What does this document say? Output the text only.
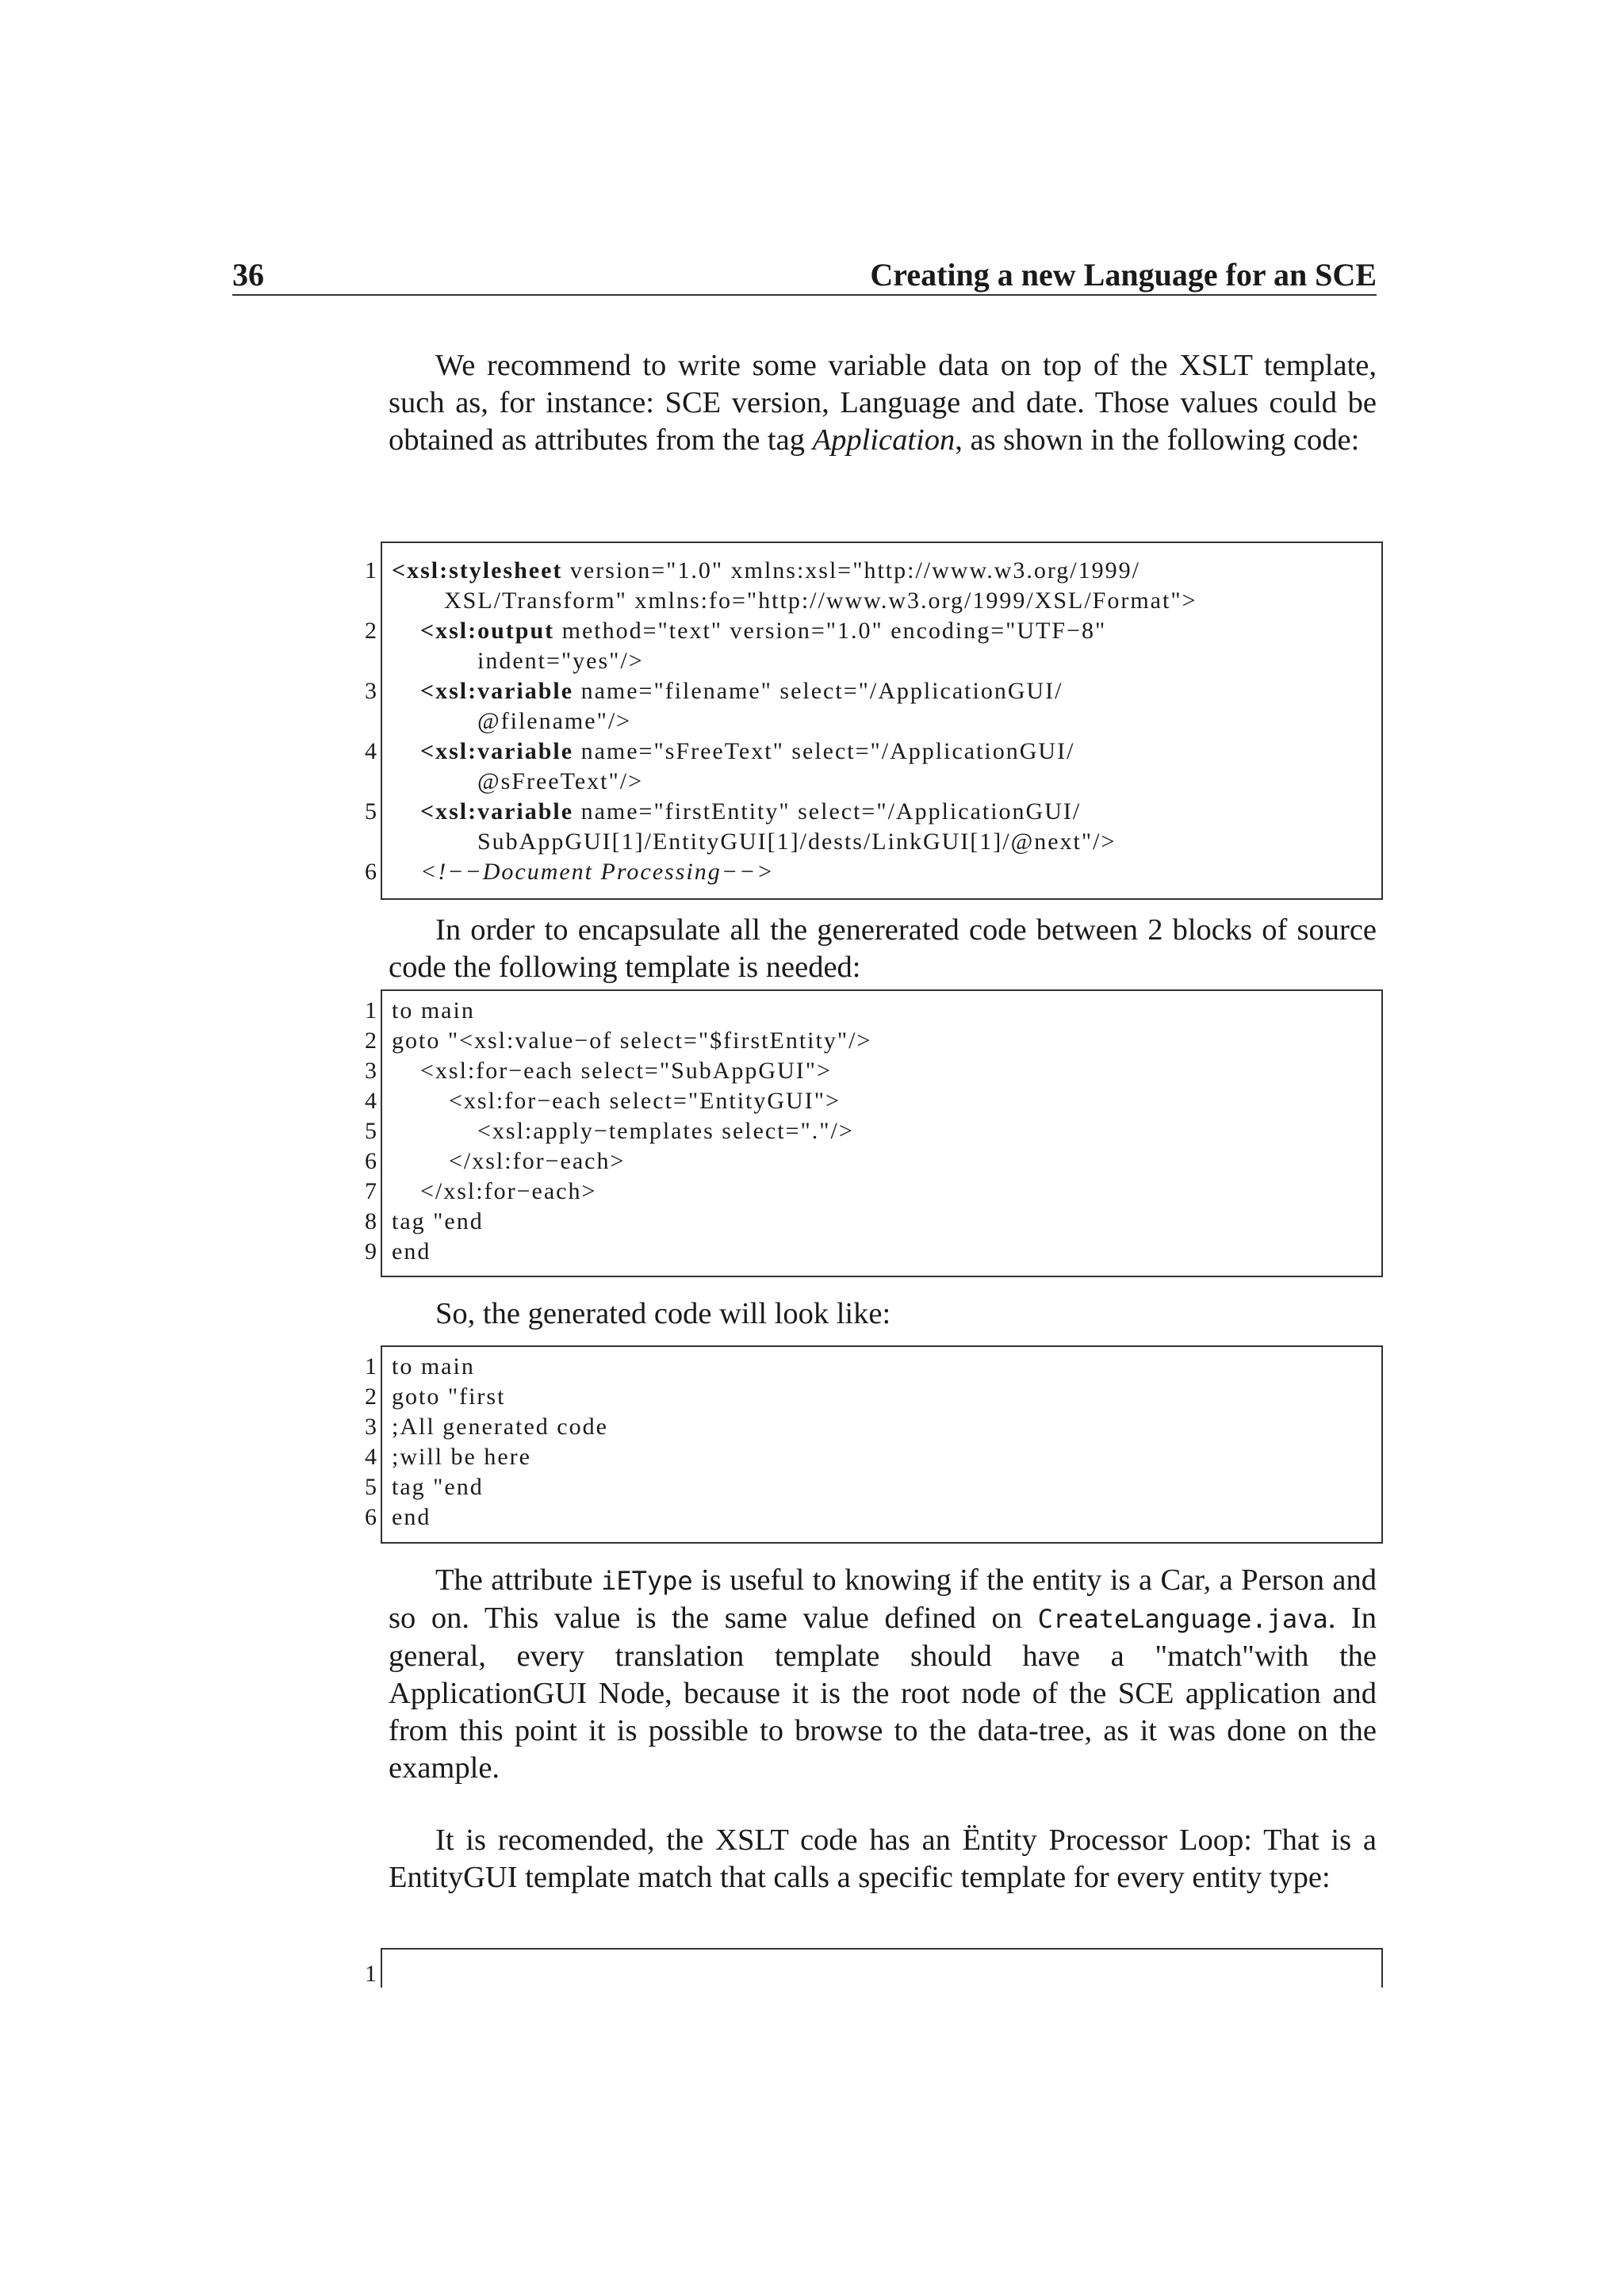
36	Creating a new Language for an SCE

We recommend to write some variable data on top of the XSLT template, such as, for instance: SCE version, Language and date. Those values could be obtained as attributes from the tag Application, as shown in the following code:

1
2
3
4
5
6
<xsl:stylesheet version="1.0" xmlns:xsl="http://www.w3.org/1999/
XSL/Transform" xmlns:fo="http://www.w3.org/1999/XSL/Format">
<xsl:output method="text" version="1.0" encoding="UTF−8"
indent="yes"/>
<xsl:variable name="filename" select="/ApplicationGUI/
@filename"/>
<xsl:variable name="sFreeText" select="/ApplicationGUI/
@sFreeText"/>
<xsl:variable name="firstEntity" select="/ApplicationGUI/
SubAppGUI[1]/EntityGUI[1]/dests/LinkGUI[1]/@next"/>
<!−−Document Processing−−>

In order to encapsulate all the genererated code between 2 blocks of source code the following template is needed:

1
2
3
4
5
6
7
8
9
to main
goto "<xsl:value−of select="$firstEntity"/>
<xsl:for−each select="SubAppGUI">
<xsl:for−each select="EntityGUI">
<xsl:apply−templates select="."/>
</xsl:for−each>
</xsl:for−each>
tag "end
end

So, the generated code will look like:

1
2
3
4
5
6
to main
goto "first
;All generated code
;will be here
tag "end
end

The attribute iEType is useful to knowing if the entity is a Car, a Person and so on. This value is the same value defined on CreateLanguage.java. In general, every translation template should have a "match"with the ApplicationGUI Node, because it is the root node of the SCE application and from this point it is possible to browse to the data-tree, as it was done on the example.

It is recomended, the XSLT code has an Ëntity Processor Loop: That is a EntityGUI template match that calls a specific template for every entity type:

1
